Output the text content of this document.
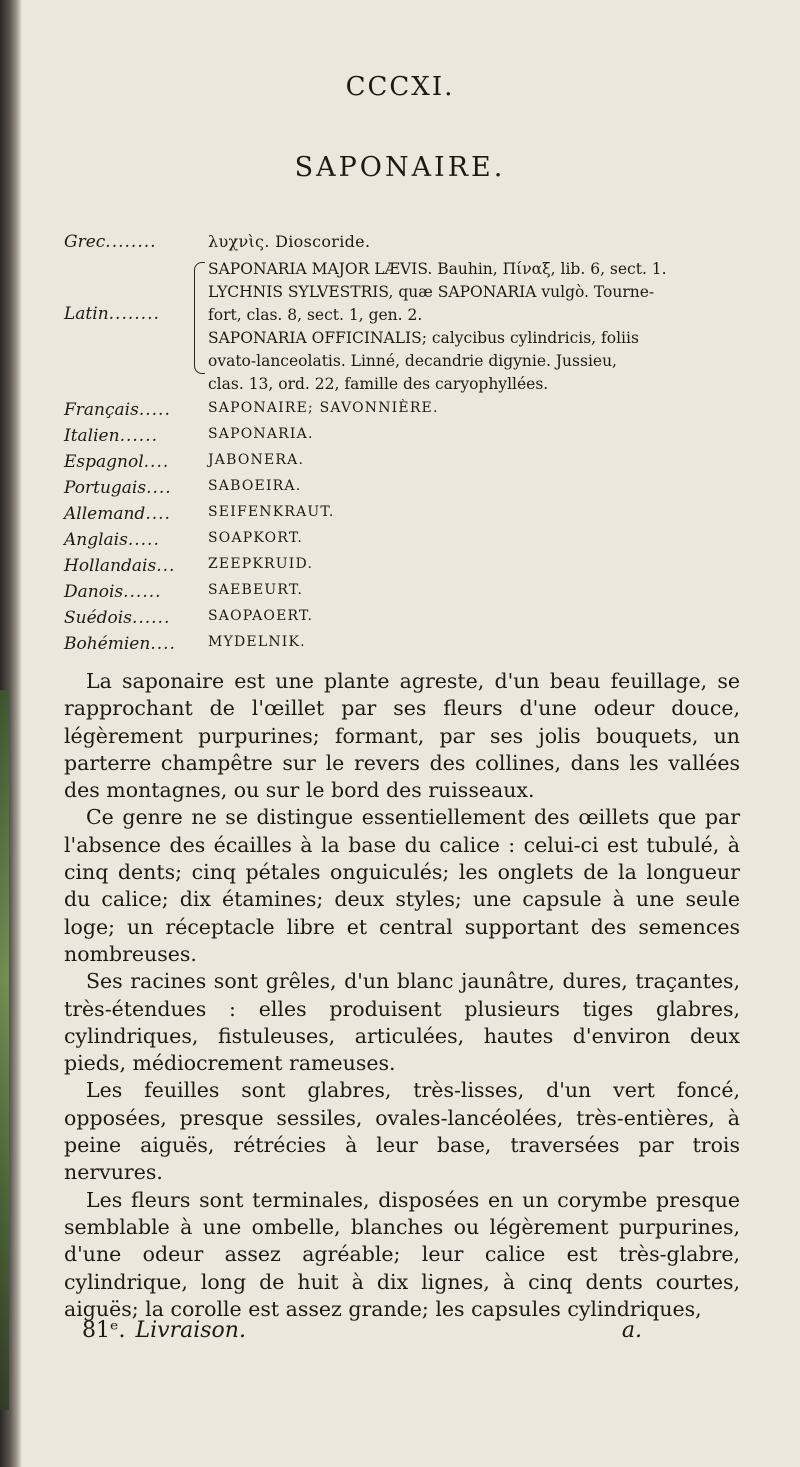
CCCXI.
SAPONAIRE.
Grec........	λυχνὶς. Dioscoride.
Latin........
SAPONARIA MAJOR LÆVIS. Bauhin, Πίναξ, lib. 6, sect. 1.
LYCHNIS SYLVESTRIS, quæ SAPONARIA vulgò. Tourne-
fort, clas. 8, sect. 1, gen. 2.
SAPONARIA OFFICINALIS; calycibus cylindricis, foliis
ovato-lanceolatis. Linné, decandrie digynie. Jussieu,
clas. 13, ord. 22, famille des caryophyllées.
Français.....	SAPONAIRE; SAVONNIÈRE.
Italien......	SAPONARIA.
Espagnol....	JABONERA.
Portugais....	SABOEIRA.
Allemand....	SEIFENKRAUT.
Anglais.....	SOAPKORT.
Hollandais...	ZEEPKRUID.
Danois......	SAEBEURT.
Suédois......	SAOPAOERT.
Bohémien....	MYDELNIK.

La saponaire est une plante agreste, d'un beau feuillage, se rapprochant de l'œillet par ses fleurs d'une odeur douce, légèrement purpurines; formant, par ses jolis bouquets, un parterre champêtre sur le revers des collines, dans les vallées des montagnes, ou sur le bord des ruisseaux.

Ce genre ne se distingue essentiellement des œillets que par l'absence des écailles à la base du calice : celui-ci est tubulé, à cinq dents; cinq pétales onguiculés; les onglets de la longueur du calice; dix étamines; deux styles; une capsule à une seule loge; un réceptacle libre et central supportant des semences nombreuses.

Ses racines sont grêles, d'un blanc jaunâtre, dures, traçantes, très-étendues : elles produisent plusieurs tiges glabres, cylindriques, fistuleuses, articulées, hautes d'environ deux pieds, médiocrement rameuses.

Les feuilles sont glabres, très-lisses, d'un vert foncé, opposées, presque sessiles, ovales-lancéolées, très-entières, à peine aiguës, rétrécies à leur base, traversées par trois nervures.

Les fleurs sont terminales, disposées en un corymbe presque semblable à une ombelle, blanches ou légèrement purpurines, d'une odeur assez agréable; leur calice est très-glabre, cylindrique, long de huit à dix lignes, à cinq dents courtes, aiguës; la corolle est assez grande; les capsules cylindriques,

81ᵉ. Livraison.	a.
